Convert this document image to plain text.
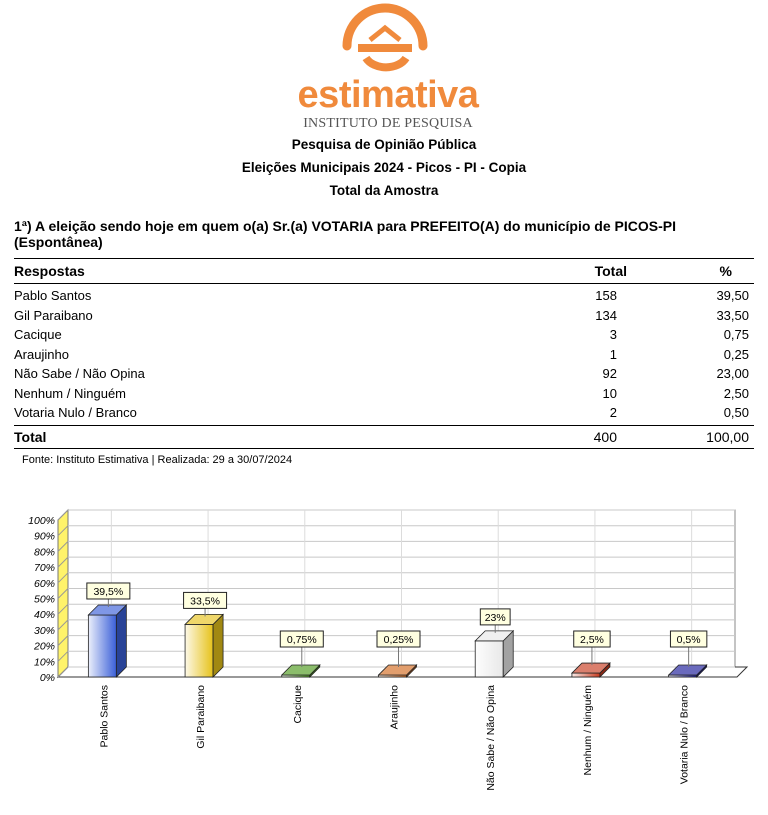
estimativa
INSTITUTO DE PESQUISA
Pesquisa de Opinião Pública
Eleições Municipais 2024 - Picos - PI - Copia
Total da Amostra
1ª) A eleição sendo hoje em quem o(a) Sr.(a) VOTARIA para PREFEITO(A) do município de PICOS-PI
(Espontânea)
Respostas	Total	%
Pablo Santos	158	39,50
Gil Paraibano	134	33,50
Cacique	3	0,75
Araujinho	1	0,25
Não Sabe / Não Opina	92	23,00
Nenhum / Ninguém	10	2,50
Votaria Nulo / Branco	2	0,50
Total	400	100,00
Fonte: Instituto Estimativa | Realizada: 29 a 30/07/2024
0%
10%
20%
30%
40%
50%
60%
70%
80%
90%
100%
39,5%
Pablo Santos
33,5%
Gil Paraibano
0,75%
Cacique
0,25%
Araujinho
23%
Não Sabe / Não Opina
2,5%
Nenhum / Ninguém
0,5%
Votaria Nulo / Branco
